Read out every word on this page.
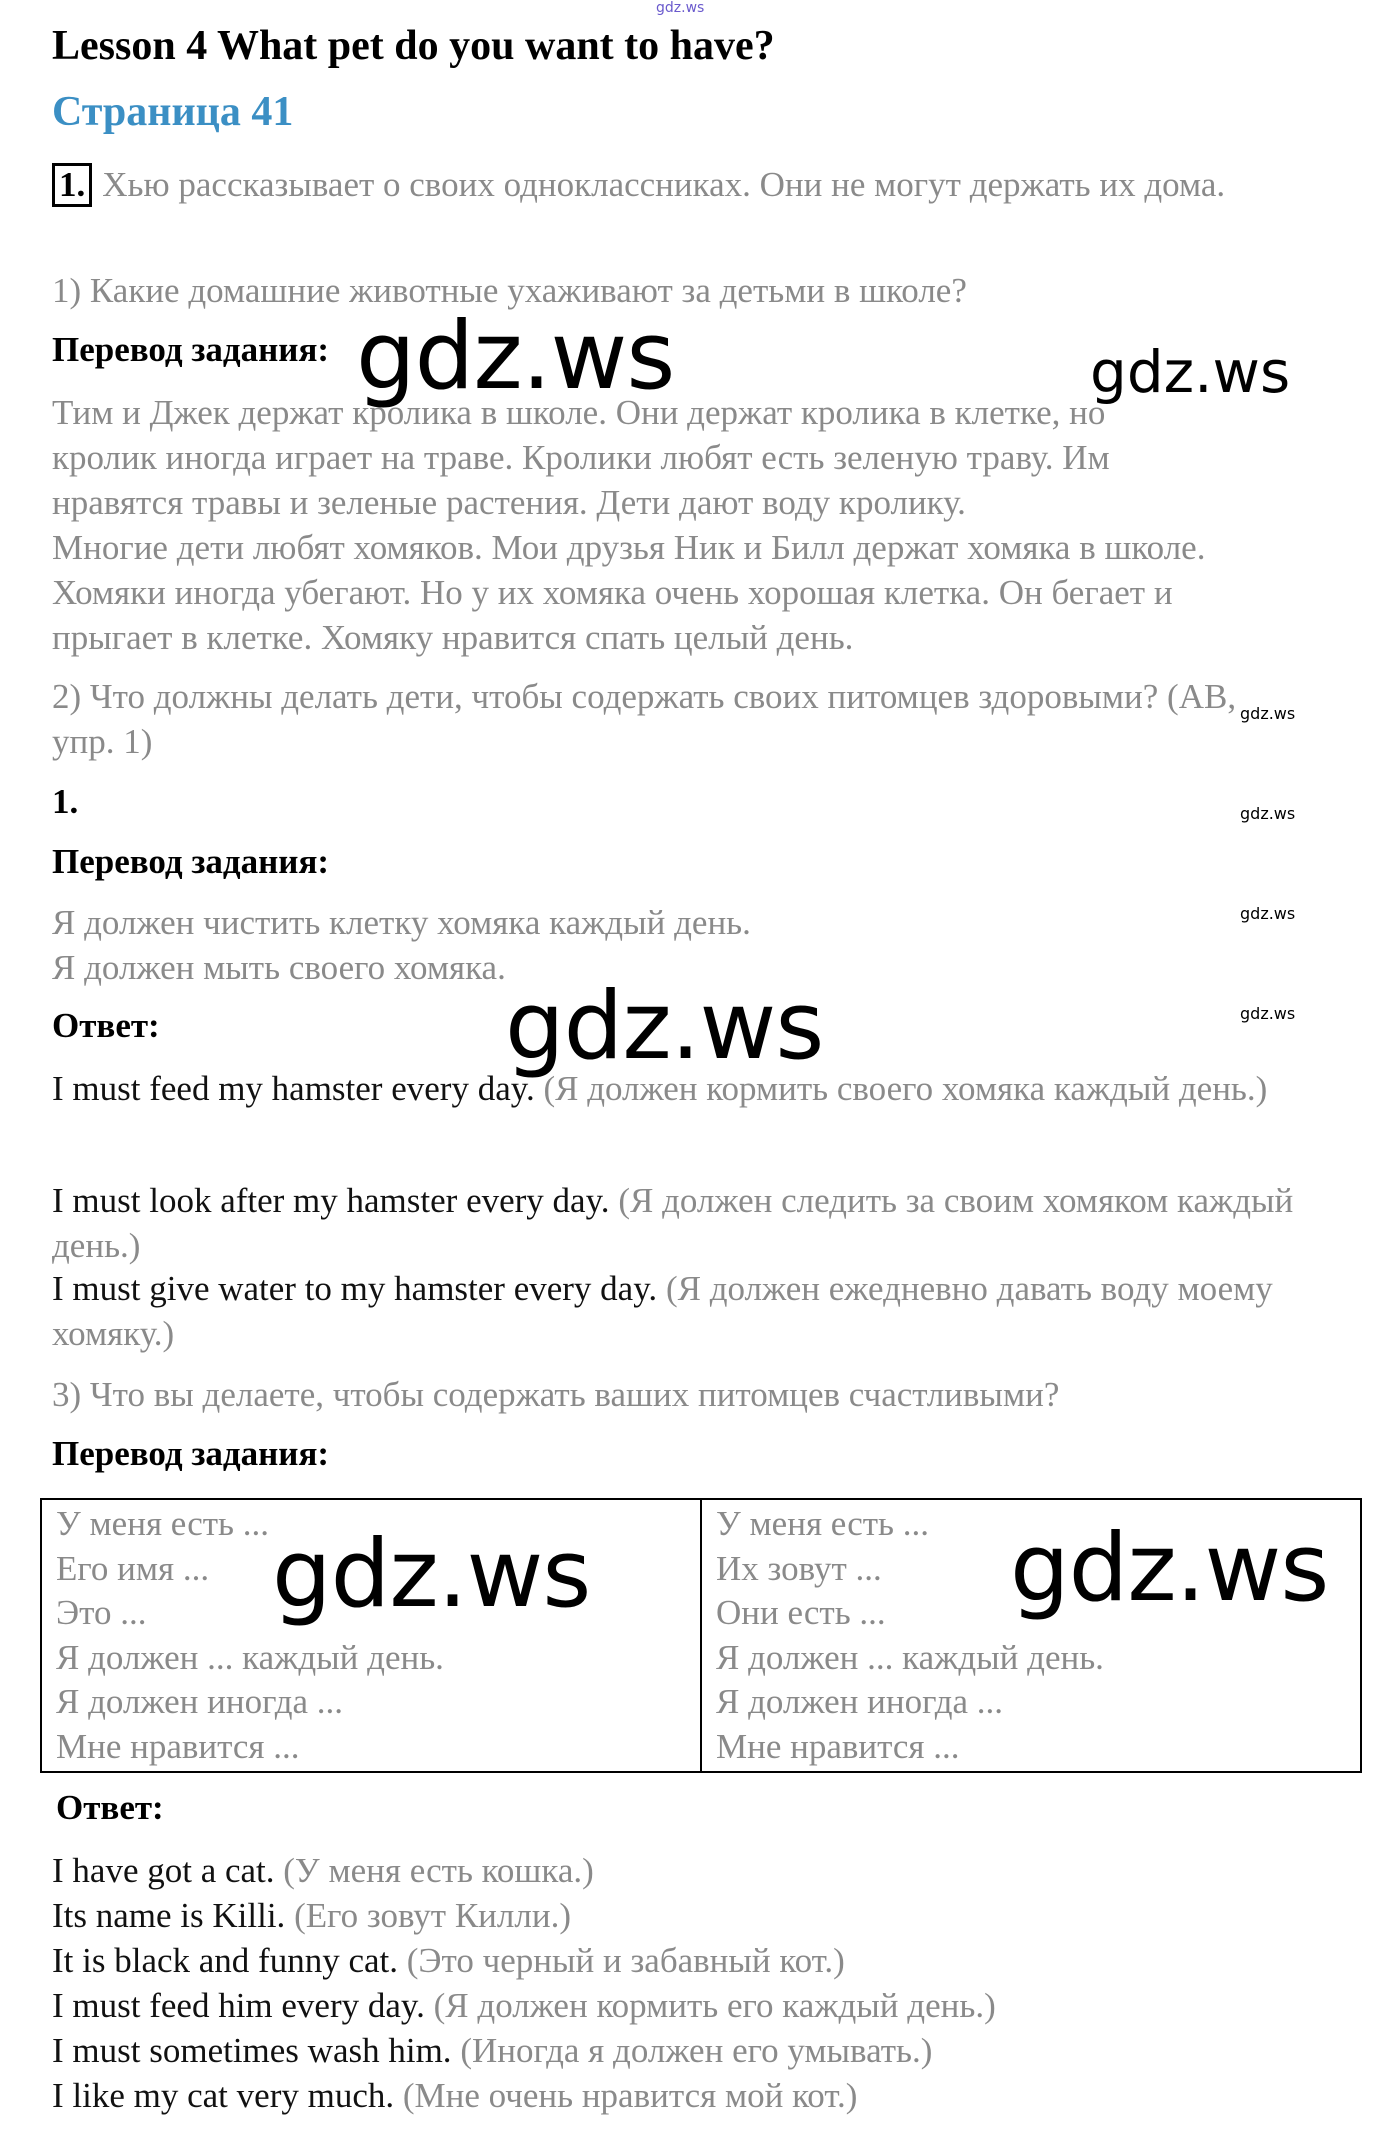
gdz.ws
Lesson 4 What pet do you want to have?
Страница 41
1. Хью рассказывает о своих одноклассниках. Они не могут держать их дома.
1) Какие домашние животные ухаживают за детьми в школе?
Перевод задания:
Тим и Джек держат кролика в школе. Они держат кролика в клетке, но
кролик иногда играет на траве. Кролики любят есть зеленую траву. Им
нравятся травы и зеленые растения. Дети дают воду кролику.
Многие дети любят хомяков. Мои друзья Ник и Билл держат хомяка в школе.
Хомяки иногда убегают. Но у их хомяка очень хорошая клетка. Он бегает и
прыгает в клетке. Хомяку нравится спать целый день.
2) Что должны делать дети, чтобы содержать своих питомцев здоровыми? (AB, упр. 1)
1.
Перевод задания:
Я должен чистить клетку хомяка каждый день.
Я должен мыть своего хомяка.
Ответ:
I must feed my hamster every day. (Я должен кормить своего хомяка каждый день.)
I must look after my hamster every day. (Я должен следить за своим хомяком каждый день.)
I must give water to my hamster every day. (Я должен ежедневно давать воду моему хомяку.)
3) Что вы делаете, чтобы содержать ваших питомцев счастливыми?
Перевод задания:
У меня есть ...
Его имя ...
Это ...
Я должен ... каждый день.
Я должен иногда ...
Мне нравится ...

У меня есть ...
Их зовут ...
Они есть ...
Я должен ... каждый день.
Я должен иногда ...
Мне нравится ...
Ответ:
I have got a cat. (У меня есть кошка.)
Its name is Killi. (Его зовут Килли.)
It is black and funny cat. (Это черный и забавный кот.)
I must feed him every day. (Я должен кормить его каждый день.)
I must sometimes wash him. (Иногда я должен его умывать.)
I like my cat very much. (Мне очень нравится мой кот.)
gdz.ws	gdz.ws
gdz.ws
gdz.ws	gdz.ws
gdz.ws
gdz.ws
gdz.ws
gdz.ws
